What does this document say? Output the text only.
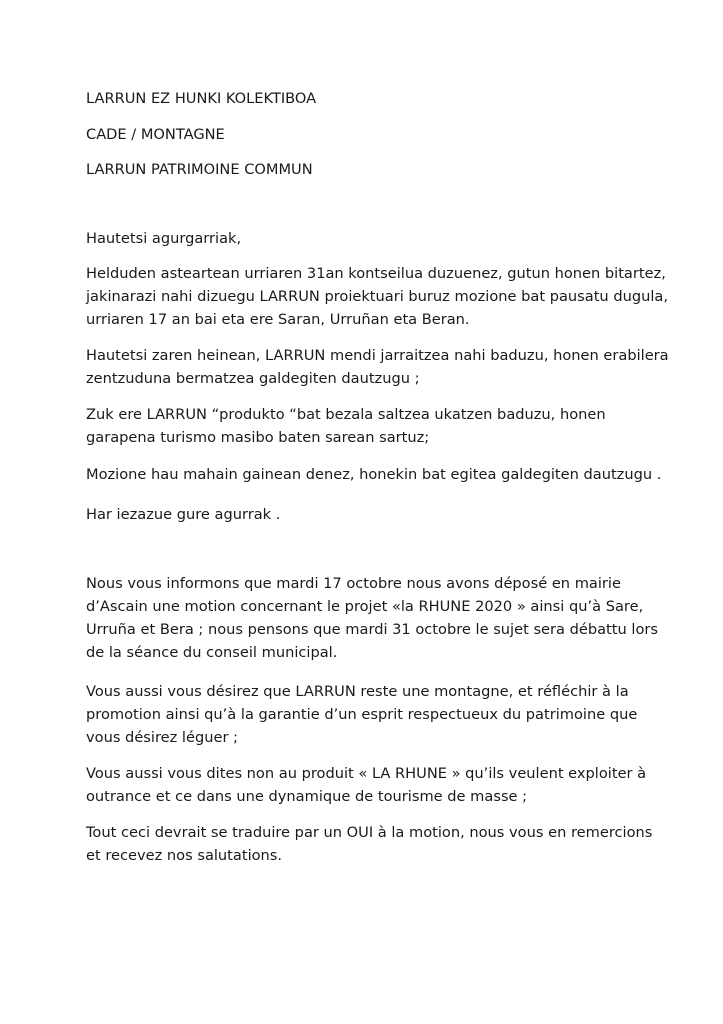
LARRUN EZ HUNKI KOLEKTIBOA

CADE / MONTAGNE

LARRUN PATRIMOINE COMMUN

Hautetsi agurgarriak,

Helduden asteartean urriaren 31an kontseilua duzuenez, gutun honen bitartez,

jakinarazi nahi dizuegu LARRUN proiektuari buruz mozione bat pausatu dugula,

urriaren 17 an bai eta ere Saran, Urruñan eta Beran.

Hautetsi zaren heinean, LARRUN mendi jarraitzea nahi baduzu, honen erabilera

zentzuduna bermatzea galdegiten dautzugu ;

Zuk ere LARRUN “produkto “bat bezala saltzea ukatzen baduzu, honen

garapena turismo masibo baten sarean sartuz;

Mozione hau mahain gainean denez, honekin bat egitea galdegiten dautzugu .

Har iezazue gure agurrak .

Nous vous informons que mardi 17 octobre nous avons déposé en mairie

d’Ascain une motion concernant le projet «la RHUNE 2020 » ainsi qu’à Sare,

Urruña et Bera ; nous pensons que mardi 31 octobre le sujet sera débattu lors

de la séance du conseil municipal.

Vous aussi vous désirez que LARRUN reste une montagne, et réfléchir à la

promotion ainsi qu’à la garantie d’un esprit respectueux du patrimoine que

vous désirez léguer ;

Vous aussi vous dites non au produit « LA RHUNE » qu’ils veulent exploiter à

outrance et ce dans une dynamique de tourisme de masse ;

Tout ceci devrait se traduire par un OUI à la motion, nous vous en remercions

et recevez nos salutations.
